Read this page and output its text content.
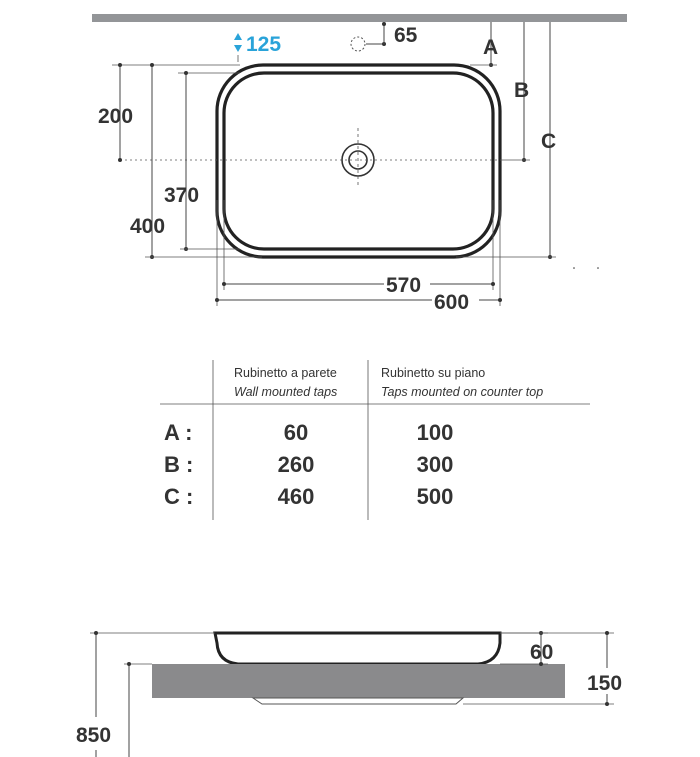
125	65
A
B
C
200
400
370
570
600
Rubinetto a parete
Wall mounted taps
Rubinetto su piano
Taps mounted on counter top
A :	60	100
B :	260	300
C :	460	500
60
150
850
